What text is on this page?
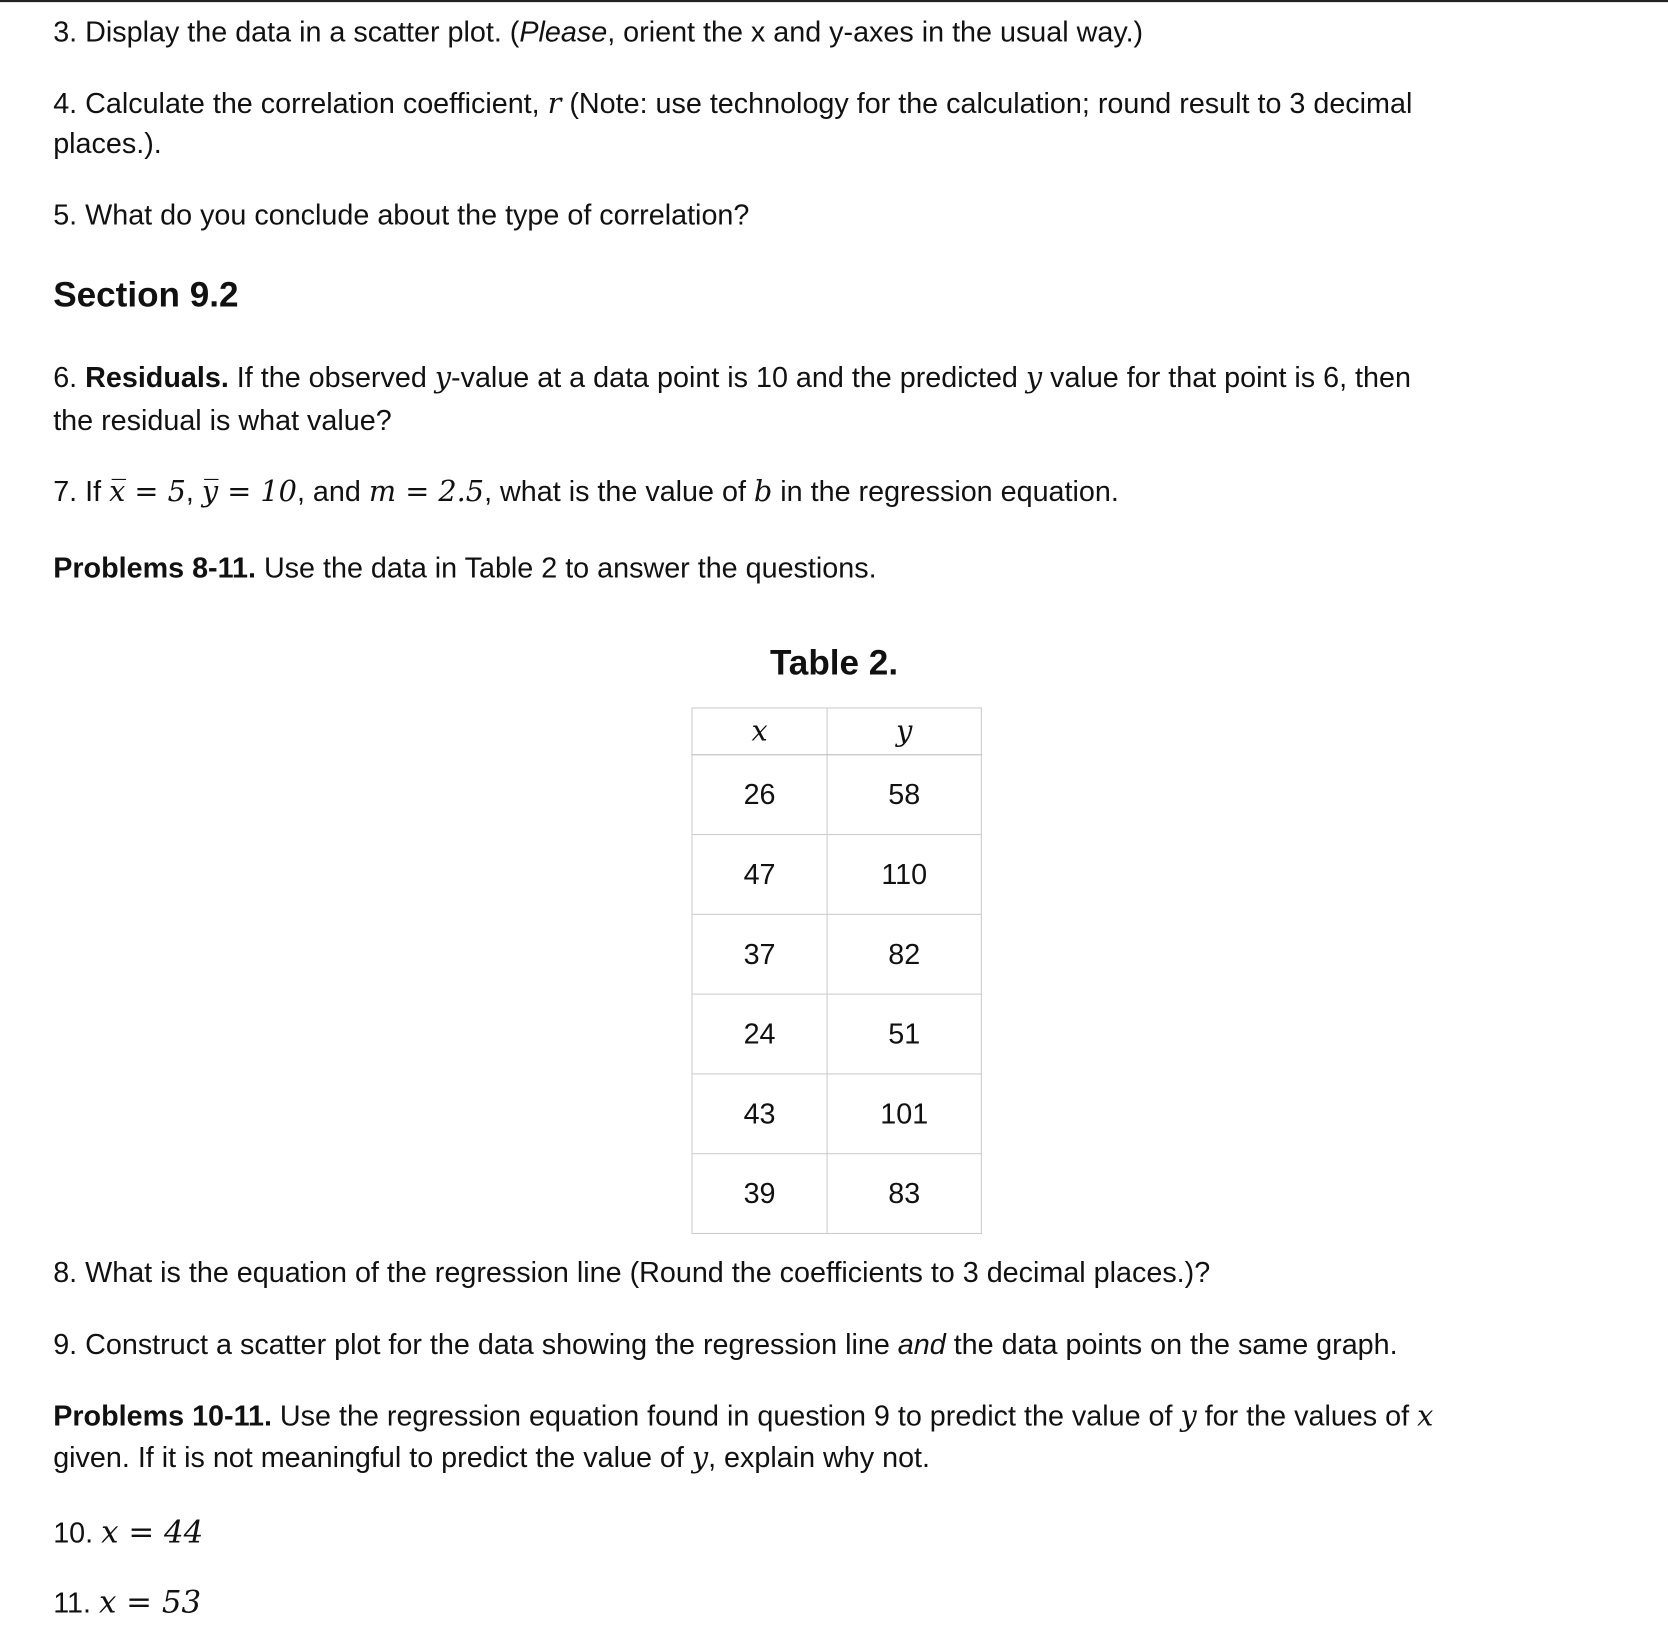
3. Display the data in a scatter plot. (Please, orient the x and y-axes in the usual way.)
4. Calculate the correlation coefficient, r (Note: use technology for the calculation; round result to 3 decimal
places.).
5. What do you conclude about the type of correlation?
Section 9.2
6. Residuals. If the observed y-value at a data point is 10 and the predicted y value for that point is 6, then
the residual is what value?
7. If x̅ = 5, y̅ = 10, and m = 2.5, what is the value of b in the regression equation.
Problems 8-11. Use the data in Table 2 to answer the questions.
Table 2.
x	y
26	58
47	110
37	82
24	51
43	101
39	83
8. What is the equation of the regression line (Round the coefficients to 3 decimal places.)?
9. Construct a scatter plot for the data showing the regression line and the data points on the same graph.
Problems 10-11. Use the regression equation found in question 9 to predict the value of y for the values of x
given. If it is not meaningful to predict the value of y, explain why not.
10. x = 44
11. x = 53
